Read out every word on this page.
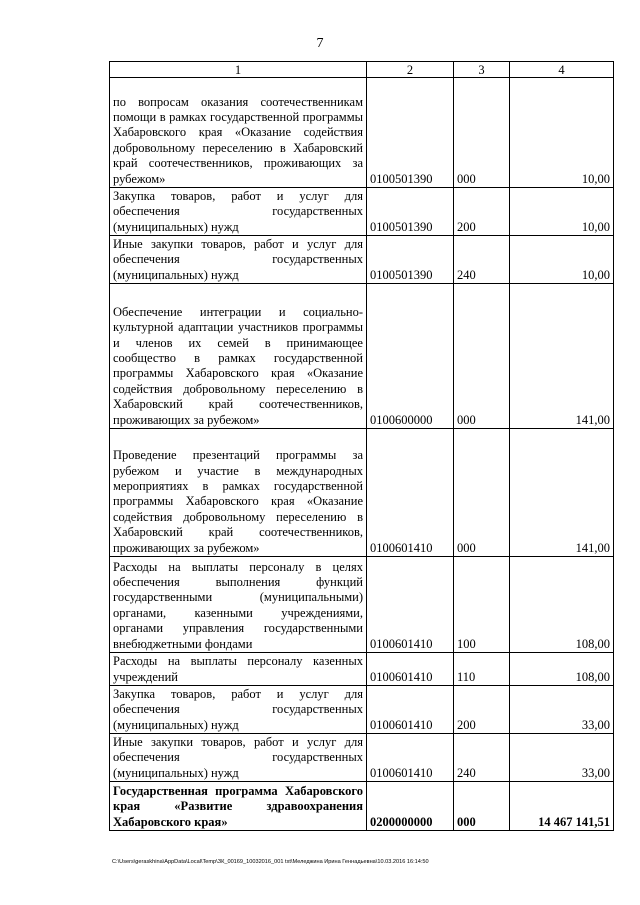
7
1	2	3	4
по вопросам оказания соотечественникам помощи в рамках государственной программы Хабаровского края «Оказание содействия добровольному переселению в Хабаровский край соотечественников, проживающих за рубежом»	0100501390	000	10,00
Закупка товаров, работ и услуг для обеспечения государственных (муниципальных) нужд	0100501390	200	10,00
Иные закупки товаров, работ и услуг для обеспечения государственных (муниципальных) нужд	0100501390	240	10,00
Обеспечение интеграции и социально-культурной адаптации участников программы и членов их семей в принимающее сообщество в рамках государственной программы Хабаровского края «Оказание содействия добровольному переселению в Хабаровский край соотечественников, проживающих за рубежом»	0100600000	000	141,00
Проведение презентаций программы за рубежом и участие в международных мероприятиях в рамках государственной программы Хабаровского края «Оказание содействия добровольному переселению в Хабаровский край соотечественников, проживающих за рубежом»	0100601410	000	141,00
Расходы на выплаты персоналу в целях обеспечения выполнения функций государственными (муниципальными) органами, казенными учреждениями, органами управления государственными внебюджетными фондами	0100601410	100	108,00
Расходы на выплаты персоналу казенных учреждений	0100601410	110	108,00
Закупка товаров, работ и услуг для обеспечения государственных (муниципальных) нужд	0100601410	200	33,00
Иные закупки товаров, работ и услуг для обеспечения государственных (муниципальных) нужд	0100601410	240	33,00
Государственная программа Хабаровского края «Развитие здравоохранения Хабаровского края»	0200000000	000	14 467 141,51
C:\Users\geraskhina\AppData\Local\Temp\ЗК_00169_10032016_001 txt\Меледжина Ирина Геннадьевна\10.03.2016 16:14:50
